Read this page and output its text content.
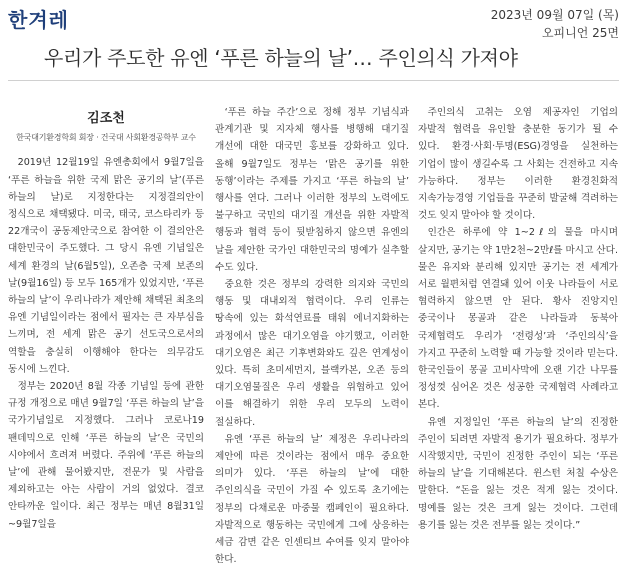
한겨레	2023년 09월 07일 (목)
오피니언 25면
우리가 주도한 유엔 ‘푸른 하늘의 날’… 주인의식 가져야
김조천
한국대기환경학회 회장 · 건국대 사회환경공학부 교수

2019년 12월19일 유엔총회에서 9월7일을 ‘푸른 하늘을 위한 국제 맑은 공기의 날’(푸른 하늘의 날)로 지정한다는 지정결의안이 정식으로 채택됐다. 미국, 태국, 코스타리카 등 22개국이 공동제안국으로 참여한 이 결의안은 대한민국이 주도했다. 그 당시 유엔 기념일은 세계 환경의 날(6월5일), 오존층 국제 보존의 날(9월16일) 등 모두 165개가 있었지만, ‘푸른 하늘의 날’이 우리나라가 제안해 채택된 최초의 유엔 기념일이라는 점에서 필자는 큰 자부심을 느끼며, 전 세계 맑은 공기 선도국으로서의 역할을 충실히 이행해야 한다는 의무감도 동시에 느낀다.

정부는 2020년 8월 각종 기념일 등에 관한 규정 개정으로 매년 9월7일 ‘푸른 하늘의 날’을 국가기념일로 지정했다. 그러나 코로나19 팬데믹으로 인해 ‘푸른 하늘의 날’은 국민의 시야에서 흐려져 버렸다. 주위에 ‘푸른 하늘의 날’에 관해 물어봤지만, 전문가 및 사람을 제외하고는 아는 사람이 거의 없었다. 결코 안타까운 일이다. 최근 정부는 매년 8월31일~9월7일을

‘푸른 하늘 주간’으로 정해 정부 기념식과 관계기관 및 지자체 행사를 병행해 대기질 개선에 대한 대국민 홍보를 강화하고 있다. 올해 9월7일도 정부는 ‘맑은 공기를 위한 동행’이라는 주제를 가지고 ‘푸른 하늘의 날’ 행사를 연다. 그러나 이러한 정부의 노력에도 불구하고 국민의 대기질 개선을 위한 자발적 행동과 협력 등이 뒷받침하지 않으면 유엔의 날을 제안한 국가인 대한민국의 명예가 실추할 수도 있다.

중요한 것은 정부의 강력한 의지와 국민의 행동 및 대내외적 협력이다. 우리 인류는 땅속에 있는 화석연료를 태워 에너지화하는 과정에서 많은 대기오염을 야기했고, 이러한 대기오염은 최근 기후변화와도 깊은 연계성이 있다. 특히 초미세먼지, 블랙카본, 오존 등의 대기오염물질은 우리 생활을 위협하고 있어 이를 해결하기 위한 우리 모두의 노력이 절실하다.

유엔 ‘푸른 하늘의 날’ 제정은 우리나라의 제안에 따른 것이라는 점에서 매우 중요한 의미가 있다. ‘푸른 하늘의 날’에 대한 주인의식을 국민이 가질 수 있도록 초기에는 정부의 다채로운 마중물 캠페인이 필요하다. 자발적으로 행동하는 국민에게 그에 상응하는 세금 감면 같은 인센티브 수여를 잊지 말아야 한다.

주인의식 고취는 오염 제공자인 기업의 자발적 협력을 유인할 충분한 동기가 될 수 있다. 환경·사회·투명(ESG)경영을 실천하는 기업이 많이 생길수록 그 사회는 건전하고 지속 가능하다. 정부는 이러한 환경친화적 지속가능경영 기업들을 꾸준히 발굴해 격려하는 것도 잊지 말아야 할 것이다.

인간은 하루에 약 1~2ℓ의 물을 마시며 살지만, 공기는 약 1만2천~2만ℓ를 마시고 산다. 물은 유지와 분리해 있지만 공기는 전 세계가 서로 월편처럼 연결돼 있어 이웃 나라들이 서로 협력하지 않으면 안 된다. 황사 진앙지인 중국이나 몽골과 같은 나라들과 동북아 국제협력도 우리가 ‘전령성’과 ‘주인의식’을 가지고 꾸준히 노력할 때 가능할 것이라 믿는다. 한국인들이 몽골 고비사막에 오랜 기간 나무를 정성껏 심어온 것은 성공한 국제협력 사례라고 본다.

유엔 지정일인 ‘푸른 하늘의 날’의 진정한 주인이 되려면 자발적 용기가 필요하다. 정부가 시작했지만, 국민이 진정한 주인이 되는 ‘푸른 하늘의 날’을 기대해본다. 윈스턴 처칠 수상은 말한다. “돈을 잃는 것은 적게 잃는 것이다. 명예를 잃는 것은 크게 잃는 것이다. 그런데 용기를 잃는 것은 전부를 잃는 것이다.”
